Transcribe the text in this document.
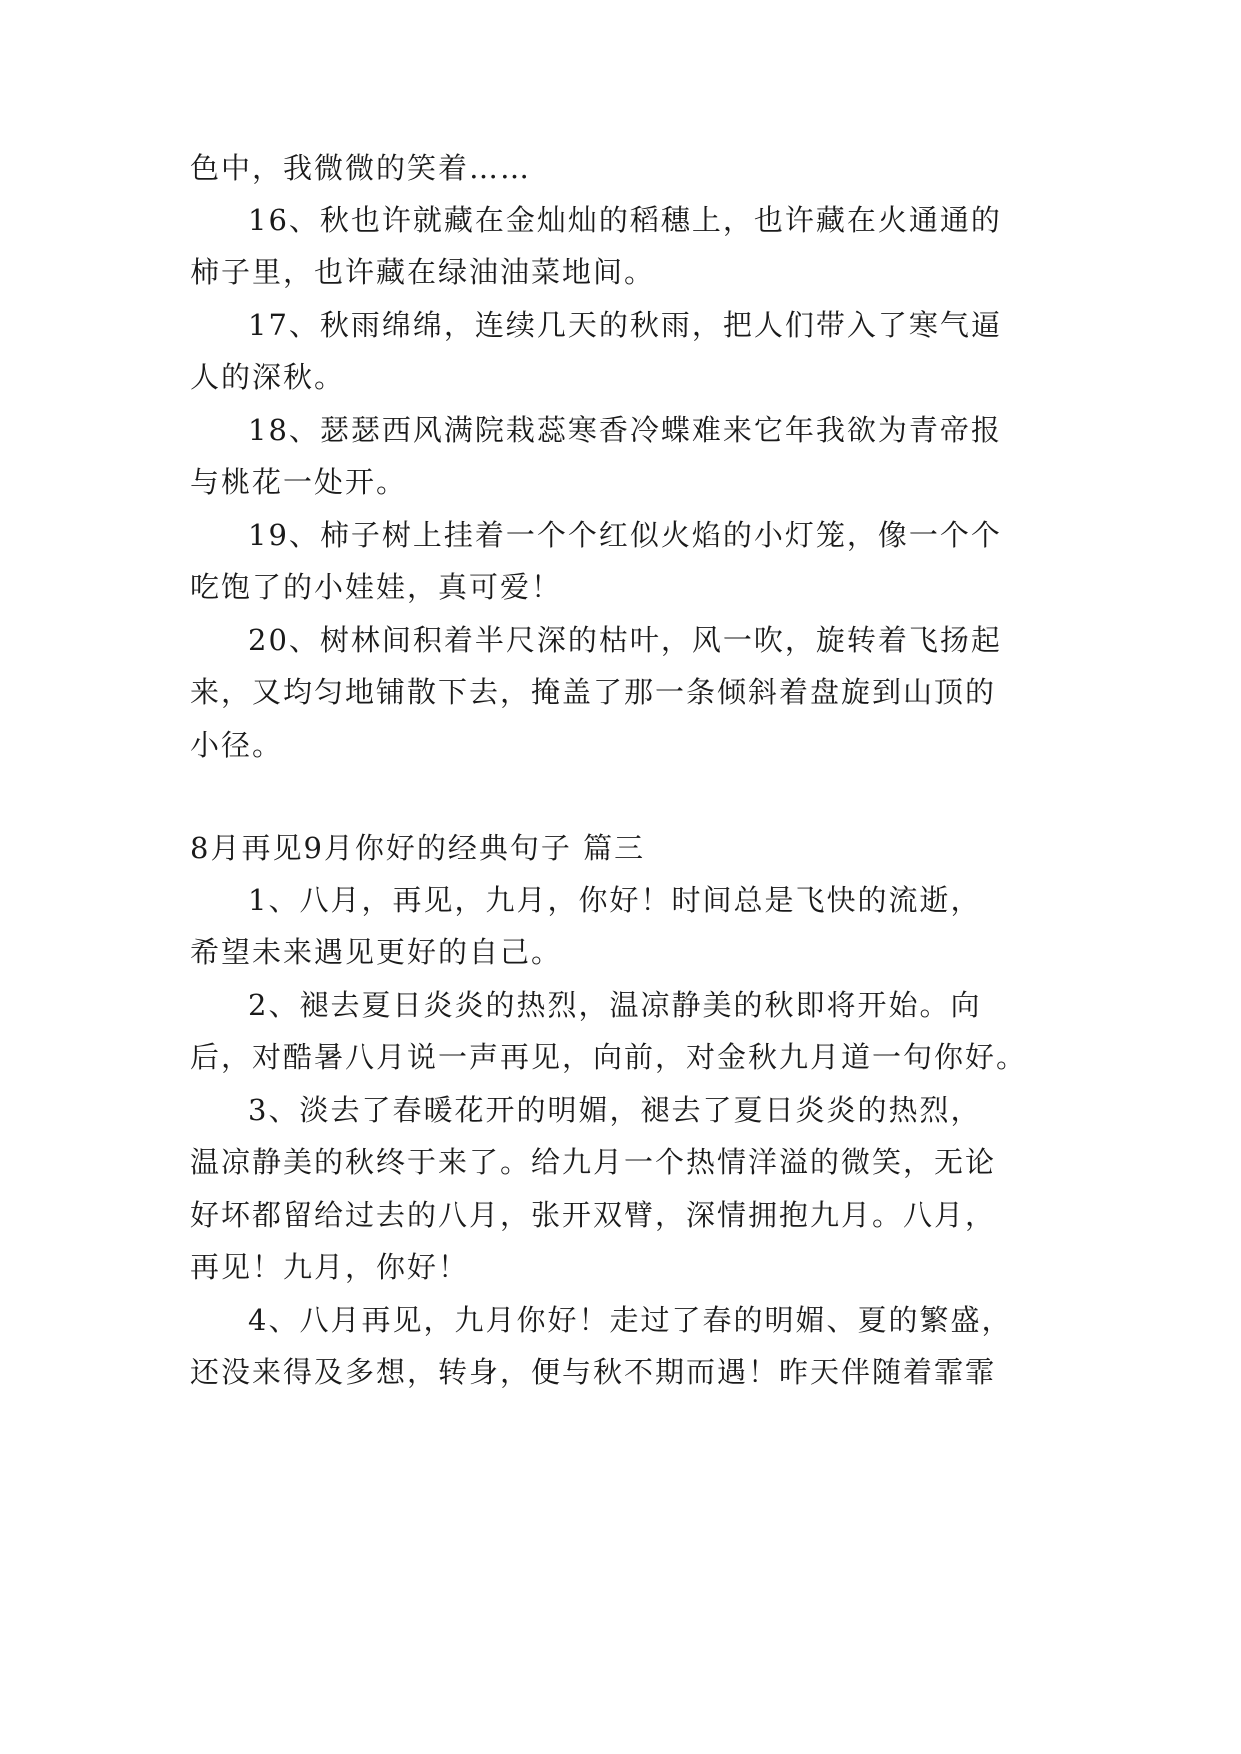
色中，我微微的笑着……
16、秋也许就藏在金灿灿的稻穗上，也许藏在火通通的
柿子里，也许藏在绿油油菜地间。
17、秋雨绵绵，连续几天的秋雨，把人们带入了寒气逼
人的深秋。
18、瑟瑟西风满院栽蕊寒香冷蝶难来它年我欲为青帝报
与桃花一处开。
19、柿子树上挂着一个个红似火焰的小灯笼，像一个个
吃饱了的小娃娃，真可爱！
20、树林间积着半尺深的枯叶，风一吹，旋转着飞扬起
来，又均匀地铺散下去，掩盖了那一条倾斜着盘旋到山顶的
小径。
8月再见9月你好的经典句子 篇三
1、八月，再见，九月，你好！时间总是飞快的流逝，
希望未来遇见更好的自己。
2、褪去夏日炎炎的热烈，温凉静美的秋即将开始。向
后，对酷暑八月说一声再见，向前，对金秋九月道一句你好。
3、淡去了春暖花开的明媚，褪去了夏日炎炎的热烈，
温凉静美的秋终于来了。给九月一个热情洋溢的微笑，无论
好坏都留给过去的八月，张开双臂，深情拥抱九月。八月，
再见！九月，你好！
4、八月再见，九月你好！走过了春的明媚、夏的繁盛，
还没来得及多想，转身，便与秋不期而遇！昨天伴随着霏霏
